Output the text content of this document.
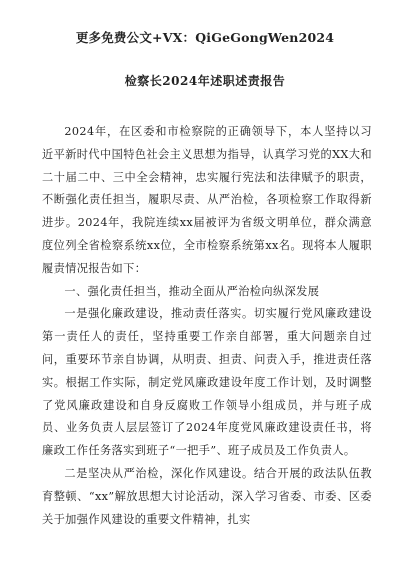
更多免费公文+VX：QiGeGongWen2024
检察长2024年述职述责报告

2024年，在区委和市检察院的正确领导下，本人坚持以习近平新时代中国特色社会主义思想为指导，认真学习党的XX大和二十届二中、三中全会精神，忠实履行宪法和法律赋予的职责，不断强化责任担当，履职尽责、从严治检，各项检察工作取得新进步。2024年，我院连续xx届被评为省级文明单位，群众满意度位列全省检察系统xx位，全市检察系统第xx名。现将本人履职履责情况报告如下：

一、强化责任担当，推动全面从严治检向纵深发展

一是强化廉政建设，推动责任落实。切实履行党风廉政建设第一责任人的责任，坚持重要工作亲自部署，重大问题亲自过问，重要环节亲自协调，从明责、担责、问责入手，推进责任落实。根据工作实际，制定党风廉政建设年度工作计划，及时调整了党风廉政建设和自身反腐败工作领导小组成员，并与班子成员、业务负责人层层签订了2024年度党风廉政建设责任书，将廉政工作任务落实到班子“一把手”、班子成员及工作负责人。

二是坚决从严治检，深化作风建设。结合开展的政法队伍教育整顿、“xx”解放思想大讨论活动，深入学习省委、市委、区委关于加强作风建设的重要文件精神，扎实
